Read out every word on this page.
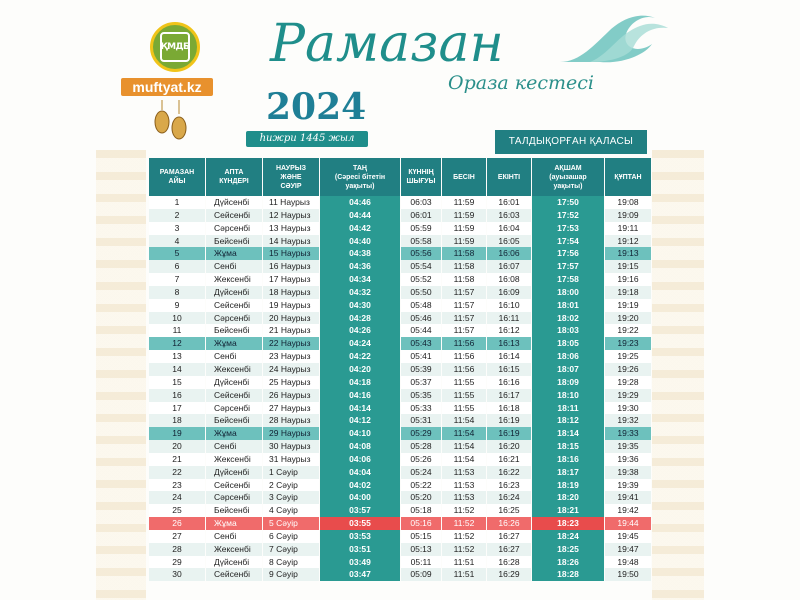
ҚМДБ
muftyat.kz
Рамазан
Ораза кестесі
2024
һижри 1445 жыл	ТАЛДЫҚОРҒАН ҚАЛАСЫ
РАМАЗАН
АЙЫ	АПТА
КҮНДЕРІ	НАУРЫЗ
ЖӘНЕ
СӘУІР	ТАҢ
(Сәресі бітетін
уақыты)	КҮННІҢ
ШЫҒУЫ	БЕСІН	ЕКІНТІ	АҚШАМ
(ауызашар
уақыты)	ҚҰПТАН
1	Дүйсенбі	11 Наурыз	04:46	06:03	11:59	16:01	17:50	19:08
2	Сейсенбі	12 Наурыз	04:44	06:01	11:59	16:03	17:52	19:09
3	Сәрсенбі	13 Наурыз	04:42	05:59	11:59	16:04	17:53	19:11
4	Бейсенбі	14 Наурыз	04:40	05:58	11:59	16:05	17:54	19:12
5	Жұма	15 Наурыз	04:38	05:56	11:58	16:06	17:56	19:13
6	Сенбі	16 Наурыз	04:36	05:54	11:58	16:07	17:57	19:15
7	Жексенбі	17 Наурыз	04:34	05:52	11:58	16:08	17:58	19:16
8	Дүйсенбі	18 Наурыз	04:32	05:50	11:57	16:09	18:00	19:18
9	Сейсенбі	19 Наурыз	04:30	05:48	11:57	16:10	18:01	19:19
10	Сәрсенбі	20 Наурыз	04:28	05:46	11:57	16:11	18:02	19:20
11	Бейсенбі	21 Наурыз	04:26	05:44	11:57	16:12	18:03	19:22
12	Жұма	22 Наурыз	04:24	05:43	11:56	16:13	18:05	19:23
13	Сенбі	23 Наурыз	04:22	05:41	11:56	16:14	18:06	19:25
14	Жексенбі	24 Наурыз	04:20	05:39	11:56	16:15	18:07	19:26
15	Дүйсенбі	25 Наурыз	04:18	05:37	11:55	16:16	18:09	19:28
16	Сейсенбі	26 Наурыз	04:16	05:35	11:55	16:17	18:10	19:29
17	Сәрсенбі	27 Наурыз	04:14	05:33	11:55	16:18	18:11	19:30
18	Бейсенбі	28 Наурыз	04:12	05:31	11:54	16:19	18:12	19:32
19	Жұма	29 Наурыз	04:10	05:29	11:54	16:19	18:14	19:33
20	Сенбі	30 Наурыз	04:08	05:28	11:54	16:20	18:15	19:35
21	Жексенбі	31 Наурыз	04:06	05:26	11:54	16:21	18:16	19:36
22	Дүйсенбі	1 Сәуір	04:04	05:24	11:53	16:22	18:17	19:38
23	Сейсенбі	2 Сәуір	04:02	05:22	11:53	16:23	18:19	19:39
24	Сәрсенбі	3 Сәуір	04:00	05:20	11:53	16:24	18:20	19:41
25	Бейсенбі	4 Сәуір	03:57	05:18	11:52	16:25	18:21	19:42
26	Жұма	5 Сәуір	03:55	05:16	11:52	16:26	18:23	19:44
27	Сенбі	6 Сәуір	03:53	05:15	11:52	16:27	18:24	19:45
28	Жексенбі	7 Сәуір	03:51	05:13	11:52	16:27	18:25	19:47
29	Дүйсенбі	8 Сәуір	03:49	05:11	11:51	16:28	18:26	19:48
30	Сейсенбі	9 Сәуір	03:47	05:09	11:51	16:29	18:28	19:50
